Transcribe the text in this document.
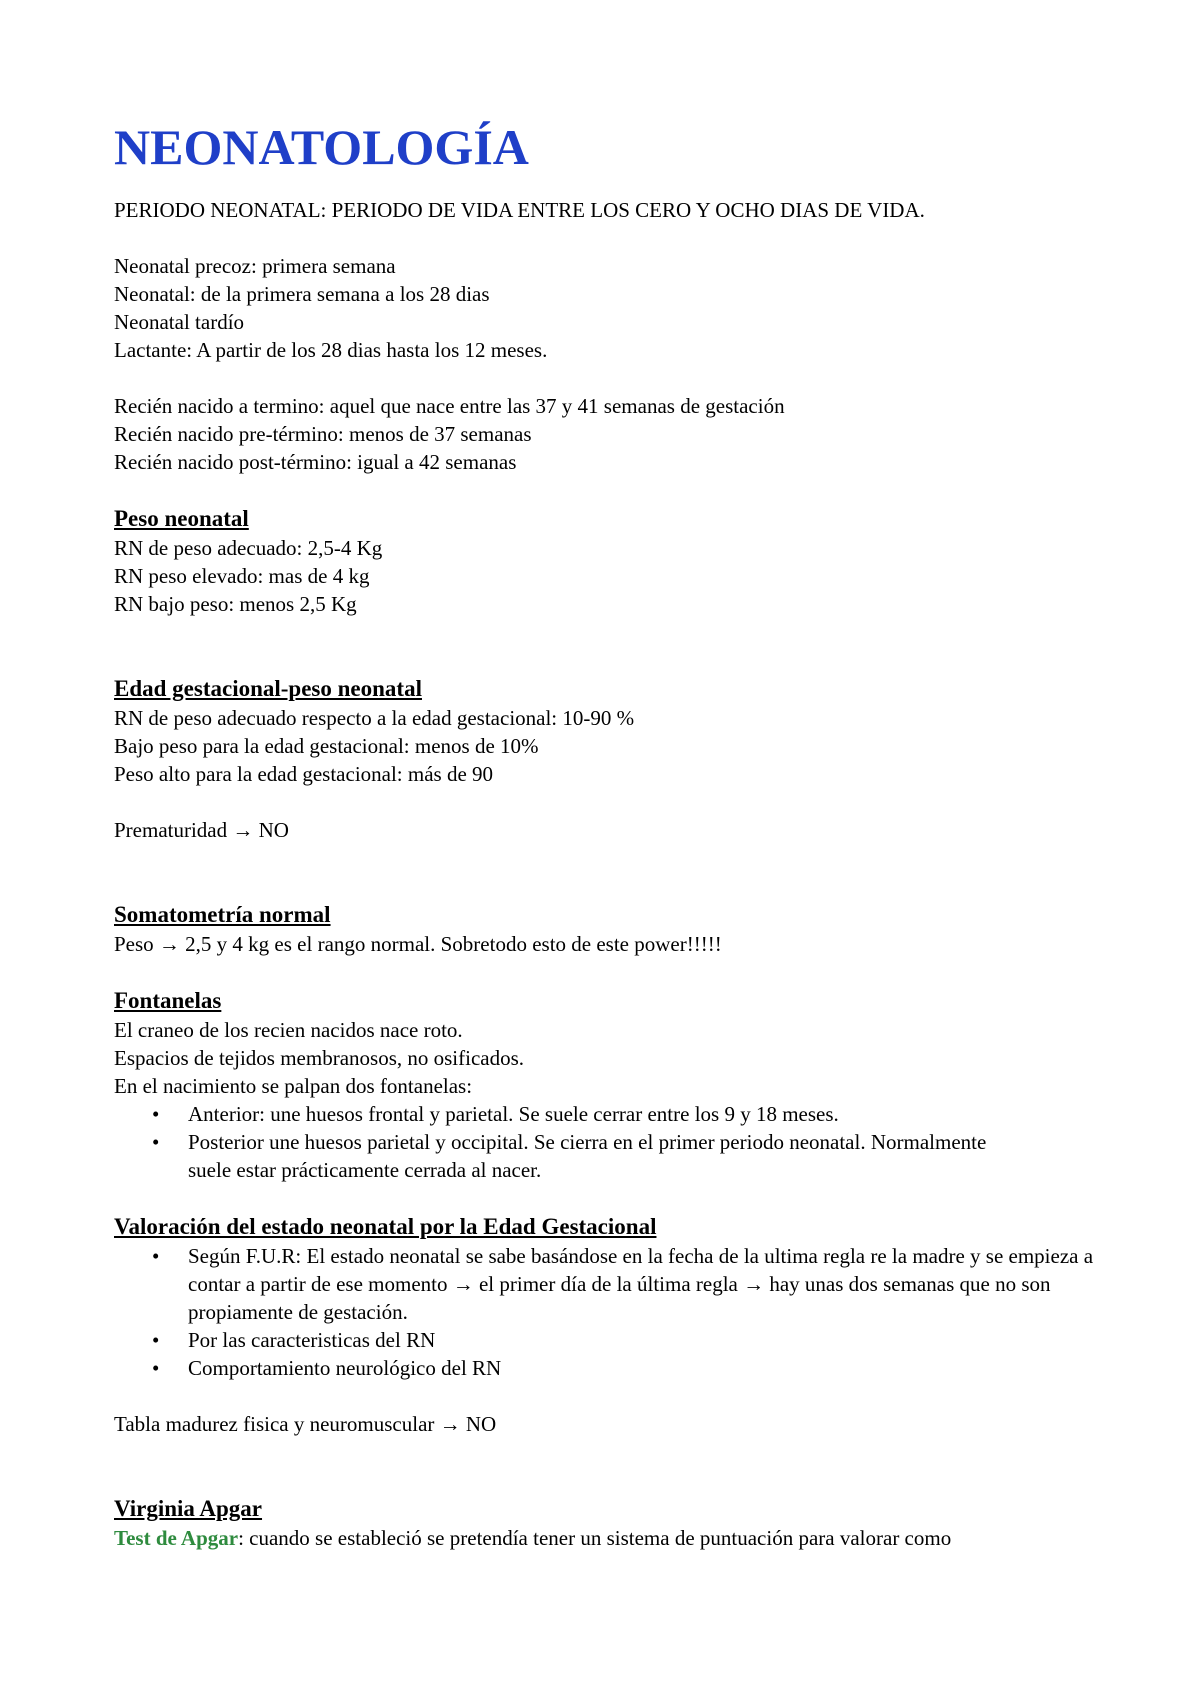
NEONATOLOGÍA

PERIODO NEONATAL: PERIODO DE VIDA ENTRE LOS CERO Y OCHO DIAS DE VIDA.

Neonatal precoz: primera semana

Neonatal: de la primera semana a los 28 dias

Neonatal tardío

Lactante: A partir de los 28 dias hasta los 12 meses.

Recién nacido a termino: aquel que nace entre las 37 y 41 semanas de gestación

Recién nacido pre-término: menos de 37 semanas

Recién nacido post-término: igual a 42 semanas

Peso neonatal

RN de peso adecuado: 2,5-4 Kg

RN peso elevado: mas de 4 kg

RN bajo peso: menos 2,5 Kg

Edad gestacional-peso neonatal

RN de peso adecuado respecto a la edad gestacional: 10-90 %

Bajo peso para la edad gestacional: menos de 10%

Peso alto para la edad gestacional: más de 90

Prematuridad → NO

Somatometría normal

Peso → 2,5 y 4 kg es el rango normal. Sobretodo esto de este power!!!!!

Fontanelas

El craneo de los recien nacidos nace roto.

Espacios de tejidos membranosos, no osificados.

En el nacimiento se palpan dos fontanelas:

• Anterior: une huesos frontal y parietal. Se suele cerrar entre los 9 y 18 meses.
• Posterior une huesos parietal y occipital. Se cierra en el primer periodo neonatal. Normalmente suele estar prácticamente cerrada al nacer.
Valoración del estado neonatal por la Edad Gestacional
• Según F.U.R: El estado neonatal se sabe basándose en la fecha de la ultima regla re la madre y se empieza a contar a partir de ese momento → el primer día de la última regla → hay unas dos semanas que no son propiamente de gestación.
• Por las caracteristicas del RN
• Comportamiento neurológico del RN

Tabla madurez fisica y neuromuscular → NO

Virginia Apgar

Test de Apgar: cuando se estableció se pretendía tener un sistema de puntuación para valorar como
